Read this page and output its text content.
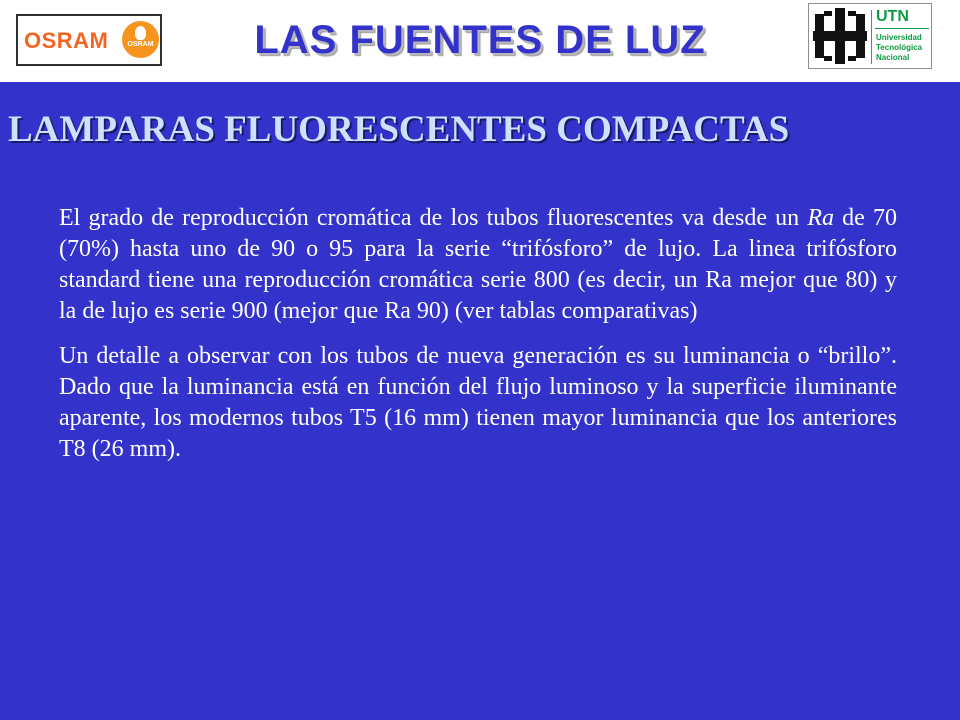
OSRAM	OSRAM	LAS FUENTES DE LUZ
UTN
Universidad
Tecnológica
Nacional
LAMPARAS FLUORESCENTES COMPACTAS

El grado de reproducción cromática de los tubos fluorescentes va desde un Ra de 70 (70%) hasta uno de 90 o 95 para la serie “trifósforo” de lujo. La linea trifósforo standard tiene una reproducción cromática serie 800 (es decir, un Ra mejor que 80) y la de lujo es serie 900 (mejor que Ra 90) (ver tablas comparativas)

Un detalle a observar con los tubos de nueva generación es su luminancia o “brillo”. Dado que la luminancia está en función del flujo luminoso y la superficie iluminante aparente, los modernos tubos T5 (16 mm) tienen mayor luminancia que los anteriores T8 (26 mm).
